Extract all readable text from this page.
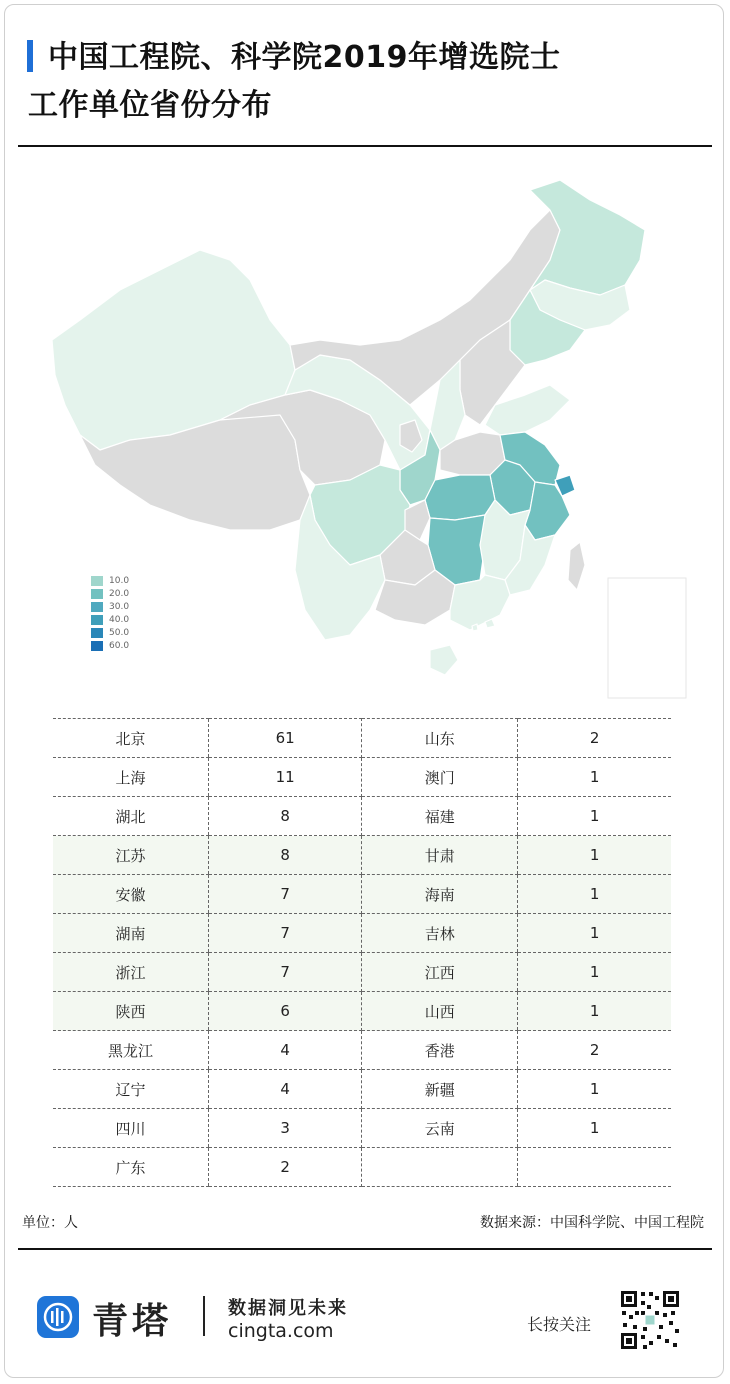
中国工程院、科学院2019年增选院士
工作单位省份分布
10.0
20.0
30.0
40.0
50.0
60.0
北京	61	山东	2
上海	11	澳门	1
湖北	8	福建	1
江苏	8	甘肃	1
安徽	7	海南	1
湖南	7	吉林	1
浙江	7	江西	1
陕西	6	山西	1
黑龙江	4	香港	2
辽宁	4	新疆	1
四川	3	云南	1
广东	2		
单位：人	数据来源：中国科学院、中国工程院
青塔	数据洞见未来
cingta.com	长按关注
